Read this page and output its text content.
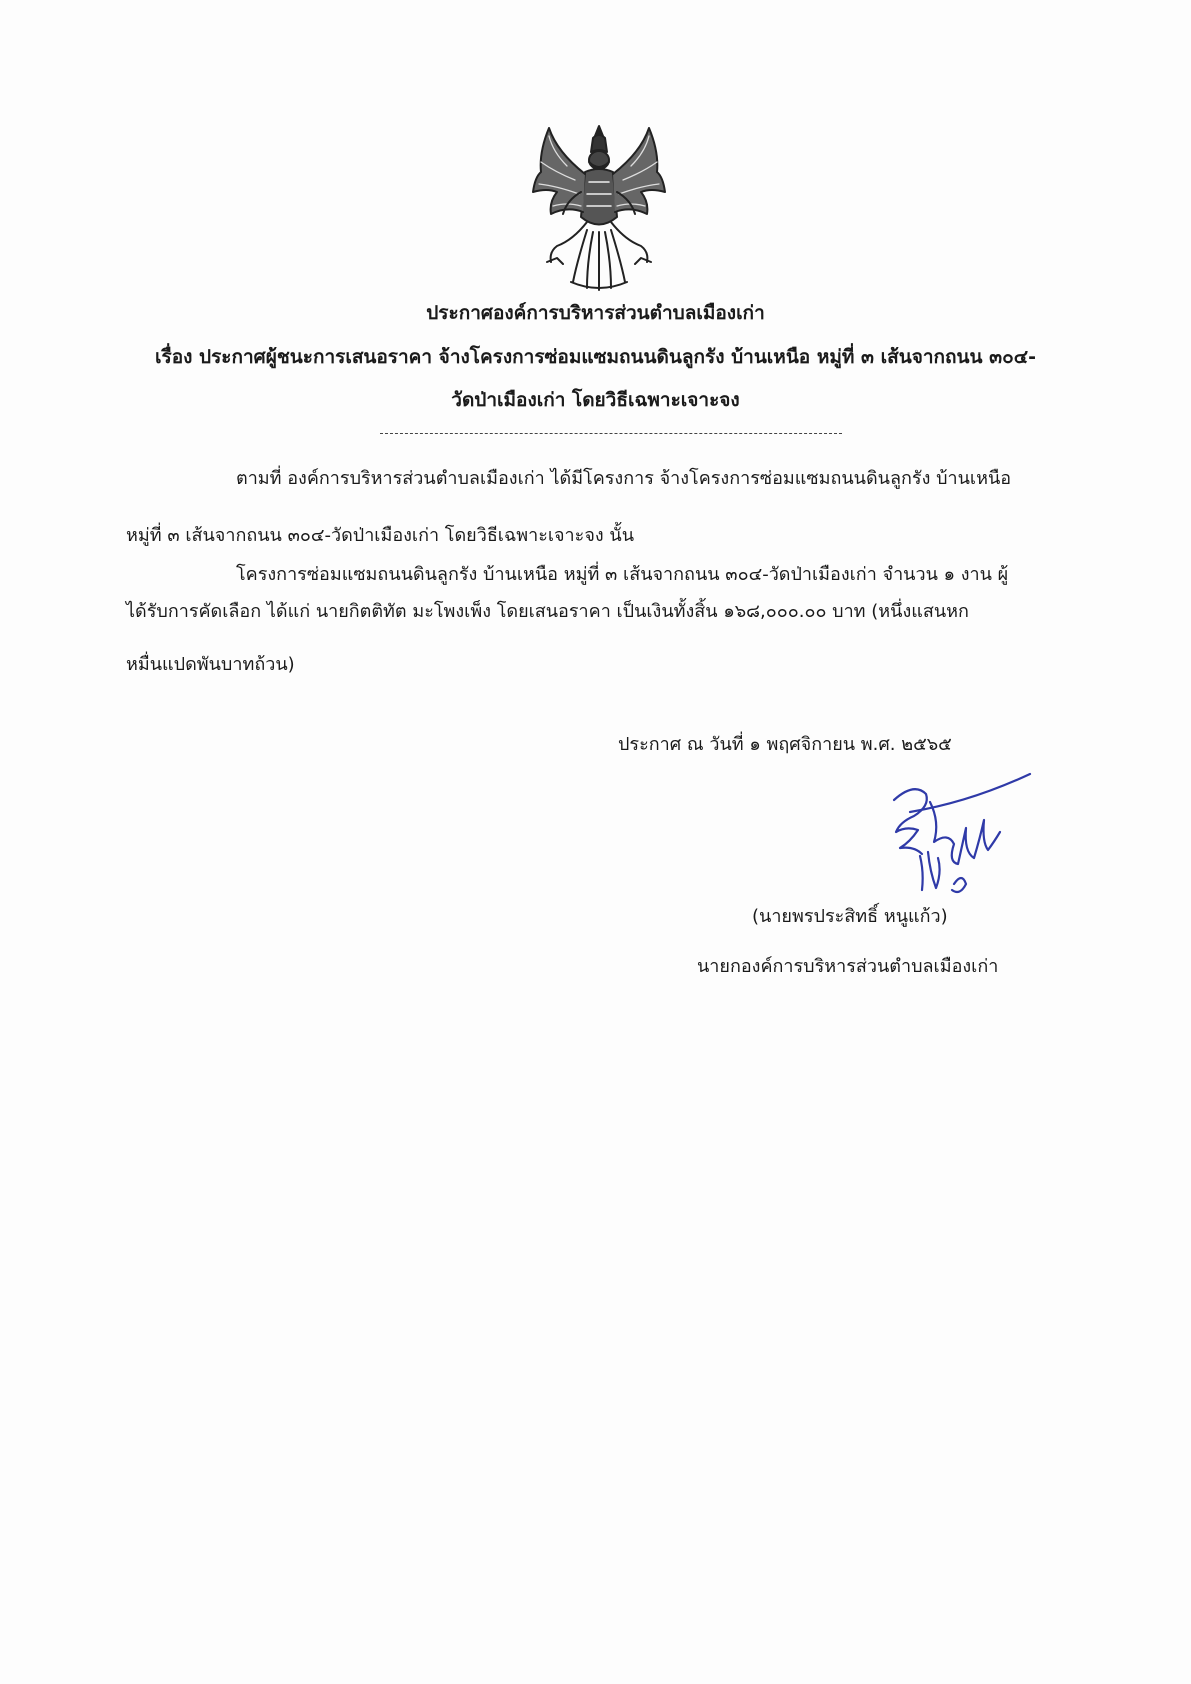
ประกาศองค์การบริหารส่วนตำบลเมืองเก่า
เรื่อง ประกาศผู้ชนะการเสนอราคา จ้างโครงการซ่อมแซมถนนดินลูกรัง บ้านเหนือ หมู่ที่ ๓ เส้นจากถนน ๓๐๔-
วัดป่าเมืองเก่า โดยวิธีเฉพาะเจาะจง
ตามที่ องค์การบริหารส่วนตำบลเมืองเก่า ได้มีโครงการ จ้างโครงการซ่อมแซมถนนดินลูกรัง บ้านเหนือ
หมู่ที่ ๓ เส้นจากถนน ๓๐๔-วัดป่าเมืองเก่า โดยวิธีเฉพาะเจาะจง นั้น
โครงการซ่อมแซมถนนดินลูกรัง บ้านเหนือ หมู่ที่ ๓ เส้นจากถนน ๓๐๔-วัดป่าเมืองเก่า จำนวน ๑ งาน ผู้
ได้รับการคัดเลือก ได้แก่ นายกิตติทัต มะโพงเพ็ง โดยเสนอราคา เป็นเงินทั้งสิ้น ๑๖๘,๐๐๐.๐๐ บาท (หนึ่งแสนหก
หมื่นแปดพันบาทถ้วน)
ประกาศ ณ วันที่ ๑ พฤศจิกายน พ.ศ. ๒๕๖๕
(นายพรประสิทธิ์ หนูแก้ว)
นายกองค์การบริหารส่วนตำบลเมืองเก่า
